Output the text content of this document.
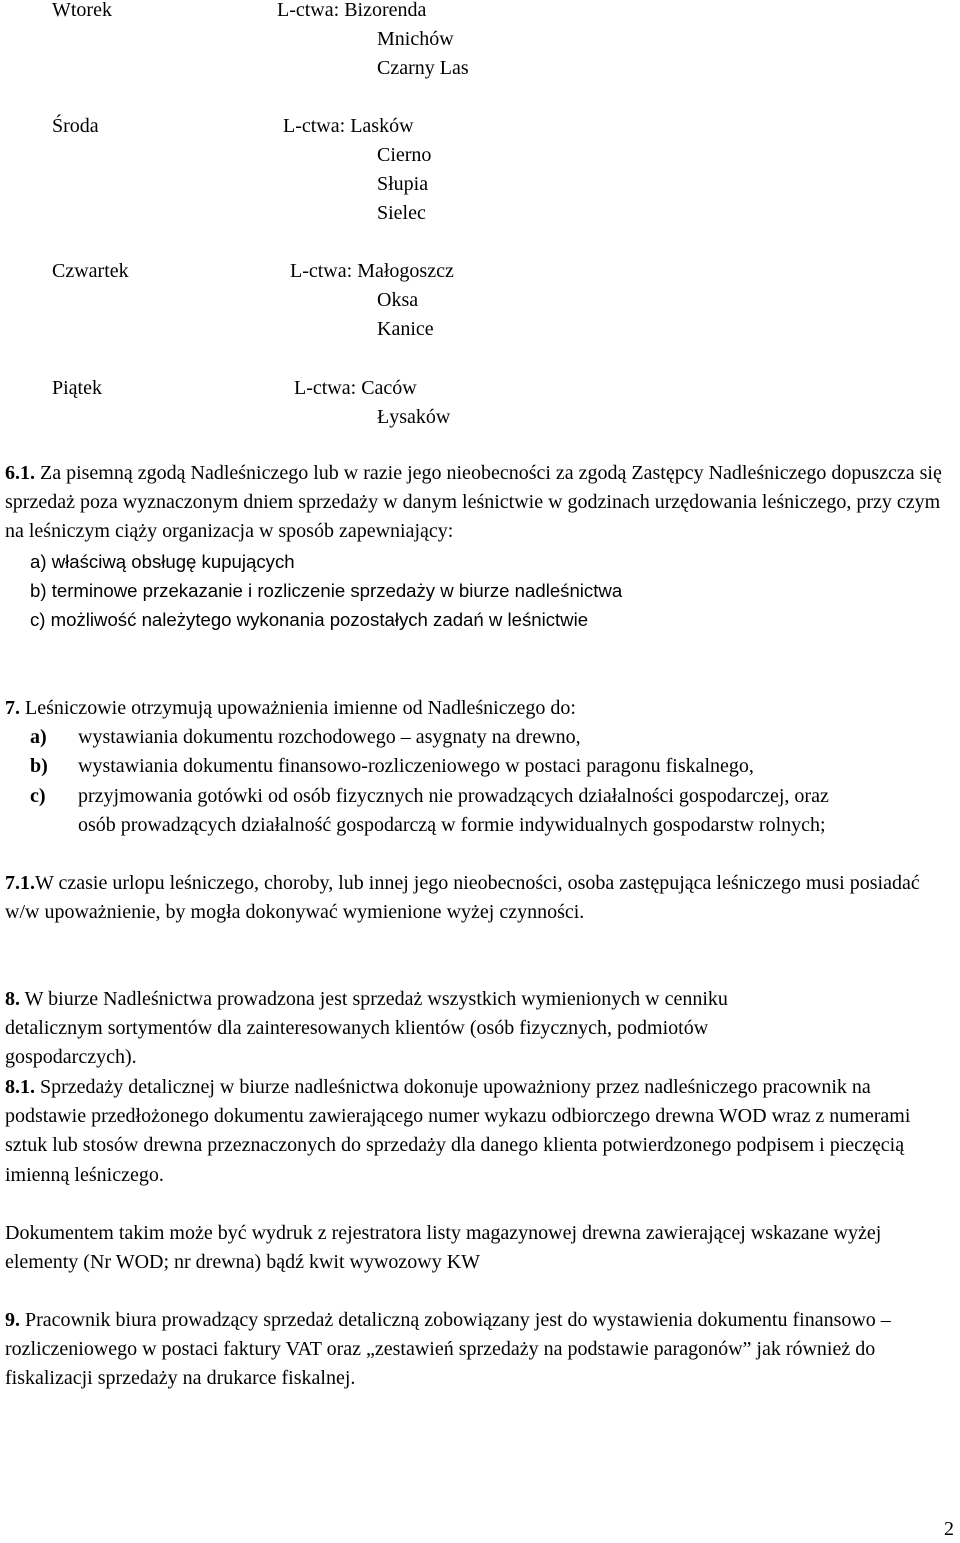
Wtorek	L-ctwa: Bizorenda
Mnichów
Czarny Las
Środa	L-ctwa: Lasków
Cierno
Słupia
Sielec
Czwartek	L-ctwa: Małogoszcz
Oksa
Kanice
Piątek	L-ctwa: Caców
Łysaków
6.1. Za pisemną zgodą Nadleśniczego lub w razie jego nieobecności za zgodą Zastępcy Nadleśniczego dopuszcza się sprzedaż poza wyznaczonym dniem sprzedaży w danym leśnictwie w godzinach urzędowania leśniczego, przy czym na leśniczym ciąży organizacja w sposób zapewniający:
a) właściwą obsługę kupujących
b) terminowe przekazanie i rozliczenie sprzedaży w biurze nadleśnictwa
c) możliwość należytego wykonania pozostałych zadań w leśnictwie
7. Leśniczowie otrzymują upoważnienia imienne od Nadleśniczego do:
a) wystawiania dokumentu rozchodowego – asygnaty na drewno,
b) wystawiania dokumentu finansowo-rozliczeniowego w postaci paragonu fiskalnego,
c) przyjmowania gotówki od osób fizycznych nie prowadzących działalności gospodarczej, oraz osób prowadzących działalność gospodarczą w formie indywidualnych gospodarstw rolnych;
7.1.W czasie urlopu leśniczego, choroby, lub innej jego nieobecności, osoba zastępująca leśniczego musi posiadać w/w upoważnienie, by mogła dokonywać wymienione wyżej czynności.
8. W biurze Nadleśnictwa prowadzona jest sprzedaż wszystkich wymienionych w cenniku detalicznym sortymentów dla zainteresowanych klientów (osób fizycznych, podmiotów gospodarczych).
8.1. Sprzedaży detalicznej w biurze nadleśnictwa dokonuje upoważniony przez nadleśniczego pracownik na podstawie przedłożonego dokumentu zawierającego numer wykazu odbiorczego drewna WOD wraz z numerami sztuk lub stosów drewna przeznaczonych do sprzedaży dla danego klienta potwierdzonego podpisem i pieczęcią imienną leśniczego.
Dokumentem takim może być wydruk z rejestratora listy magazynowej drewna zawierającej wskazane wyżej elementy (Nr WOD; nr drewna) bądź kwit wywozowy KW
9. Pracownik biura prowadzący sprzedaż detaliczną zobowiązany jest do wystawienia dokumentu finansowo – rozliczeniowego w postaci faktury VAT oraz „zestawień sprzedaży na podstawie paragonów” jak również do fiskalizacji sprzedaży na drukarce fiskalnej.
2
